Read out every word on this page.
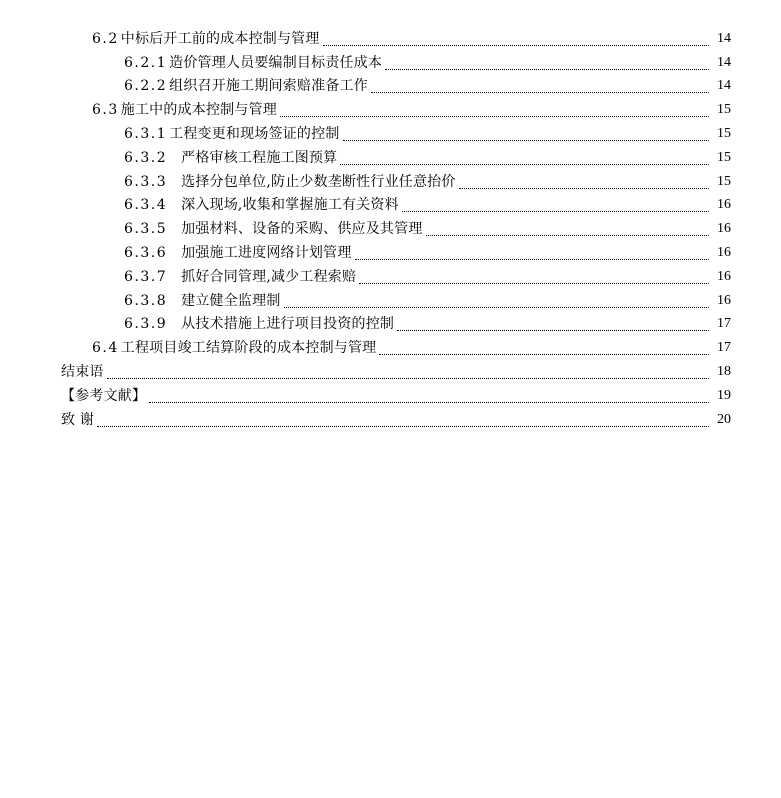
6.2 中标后开工前的成本控制与管理	14
6.2.1 造价管理人员要编制目标责任成本	14
6.2.2 组织召开施工期间索赔准备工作	14
6.3 施工中的成本控制与管理	15
6.3.1 工程变更和现场签证的控制	15
6.3.2 严格审核工程施工图预算	15
6.3.3 选择分包单位,防止少数垄断性行业任意抬价	15
6.3.4 深入现场,收集和掌握施工有关资料	16
6.3.5 加强材料、设备的采购、供应及其管理	16
6.3.6 加强施工进度网络计划管理	16
6.3.7 抓好合同管理,减少工程索赔	16
6.3.8 建立健全监理制	16
6.3.9 从技术措施上进行项目投资的控制	17
6.4 工程项目竣工结算阶段的成本控制与管理	17
结束语	18
【参考文献】	19
致 谢	20
